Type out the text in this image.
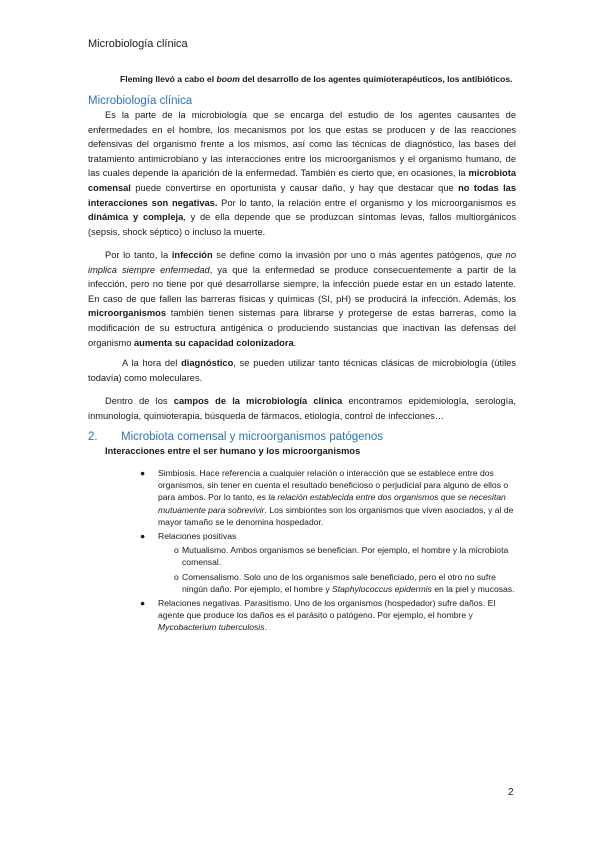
Microbiología clínica
Fleming llevó a cabo el boom del desarrollo de los agentes quimioterapéuticos, los antibióticos.
Microbiología clínica
Es la parte de la microbiología que se encarga del estudio de los agentes causantes de enfermedades en el hombre, los mecanismos por los que estas se producen y de las reacciones defensivas del organismo frente a los mismos, así como las técnicas de diagnóstico, las bases del tratamiento antimicrobiano y las interacciones entre los microorganismos y el organismo humano, de las cuales depende la aparición de la enfermedad. También es cierto que, en ocasiones, la microbiota comensal puede convertirse en oportunista y causar daño, y hay que destacar que no todas las interacciones son negativas. Por lo tanto, la relación entre el organismo y los microorganismos es dinámica y compleja, y de ella depende que se produzcan síntomas levas, fallos multiorgánicos (sepsis, shock séptico) o incluso la muerte.
Por lo tanto, la infección se define como la invasión por uno o más agentes patógenos, que no implica siempre enfermedad, ya que la enfermedad se produce consecuentemente a partir de la infección, pero no tiene por qué desarrollarse siempre, la infección puede estar en un estado latente. En caso de que fallen las barreras físicas y químicas (SI, pH) se producirá la infección. Además, los microorganismos también tienen sistemas para librarse y protegerse de estas barreras, como la modificación de su estructura antigénica o produciendo sustancias que inactivan las defensas del organismo aumenta su capacidad colonizadora.
A la hora del diagnóstico, se pueden utilizar tanto técnicas clásicas de microbiología (útiles todavía) como moleculares.
Dentro de los campos de la microbiología clínica encontramos epidemiología, serología, inmunología, quimioterapia, búsqueda de fármacos, etiología, control de infecciones…
2. Microbiota comensal y microorganismos patógenos
Interacciones entre el ser humano y los microorganismos
● Simbiosis. Hace referencia a cualquier relación o interacción que se establece entre dos organismos, sin tener en cuenta el resultado beneficioso o perjudicial para alguno de ellos o para ambos. Por lo tanto, es la relación establecida entre dos organismos que se necesitan mutuamente para sobrevivir. Los simbiontes son los organismos que viven asociados, y al de mayor tamaño se le denomina hospedador.
● Relaciones positivas
o Mutualismo. Ambos organismos se benefician. Por ejemplo, el hombre y la microbiota comensal.
o Comensalismo. Solo uno de los organismos sale beneficiado, pero el otro no sufre ningún daño. Por ejemplo, el hombre y Staphylococcus epidermis en la piel y mucosas.
● Relaciones negativas. Parasitismo. Uno de los organismos (hospedador) sufre daños. El agente que produce los daños es el parásito o patógeno. Por ejemplo, el hombre y Mycobacterium tuberculosis.
2
